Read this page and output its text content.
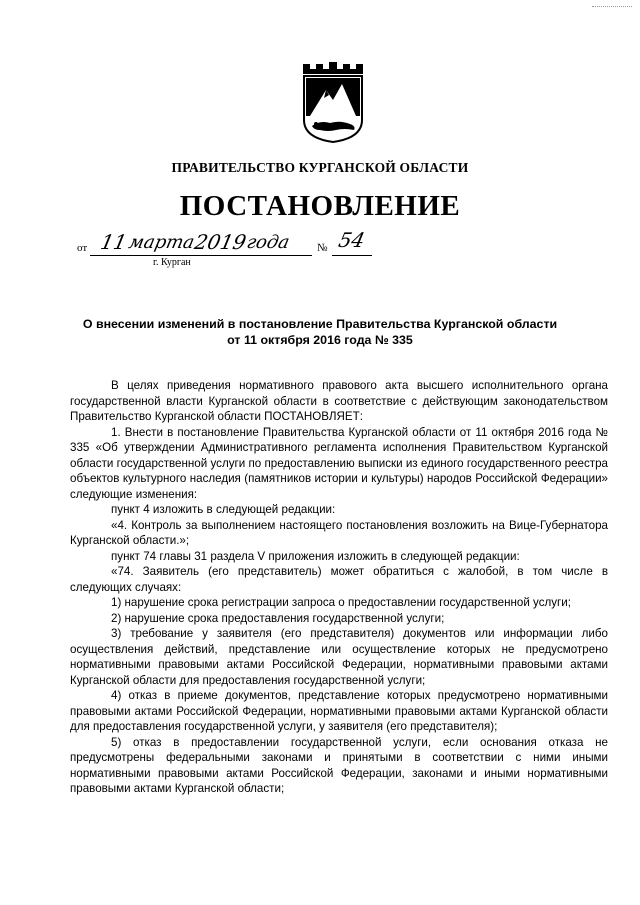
ПРАВИТЕЛЬСТВО КУРГАНСКОЙ ОБЛАСТИ
ПОСТАНОВЛЕНИЕ
от 11
марта
2019
года № 54
г. Курган
О внесении изменений в постановление Правительства Курганской области
от 11 октября 2016 года № 335

В целях приведения нормативного правового акта высшего исполнительного органа государственной власти Курганской области в соответствие с действующим законодательством Правительство Курганской области ПОСТАНОВЛЯЕТ:

1. Внести в постановление Правительства Курганской области от 11 октября 2016 года № 335 «Об утверждении Административного регламента исполнения Правительством Курганской области государственной услуги по предоставлению выписки из единого государственного реестра объектов культурного наследия (памятников истории и культуры) народов Российской Федерации» следующие изменения:

пункт 4 изложить в следующей редакции:

«4. Контроль за выполнением настоящего постановления возложить на Вице-Губернатора Курганской области.»;

пункт 74 главы 31 раздела V приложения изложить в следующей редакции:

«74. Заявитель (его представитель) может обратиться с жалобой, в том числе в следующих случаях:

1) нарушение срока регистрации запроса о предоставлении государственной услуги;

2) нарушение срока предоставления государственной услуги;

3) требование у заявителя (его представителя) документов или информации либо осуществления действий, представление или осуществление которых не предусмотрено нормативными правовыми актами Российской Федерации, нормативными правовыми актами Курганской области для предоставления государственной услуги;

4) отказ в приеме документов, представление которых предусмотрено нормативными правовыми актами Российской Федерации, нормативными правовыми актами Курганской области для предоставления государственной услуги, у заявителя (его представителя);

5) отказ в предоставлении государственной услуги, если основания отказа не предусмотрены федеральными законами и принятыми в соответствии с ними иными нормативными правовыми актами Российской Федерации, законами и иными нормативными правовыми актами Курганской области;
